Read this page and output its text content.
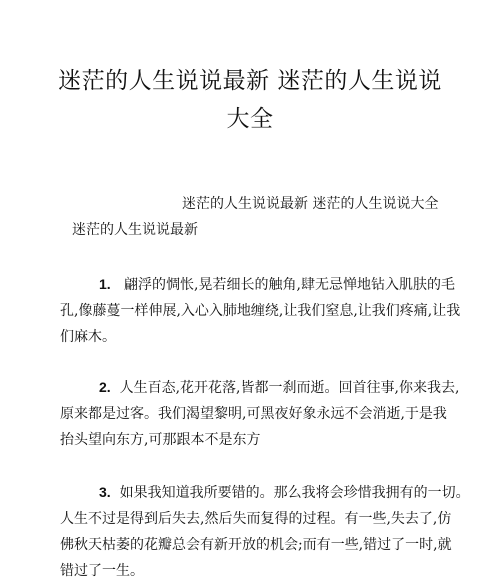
迷茫的人生说说最新 迷茫的人生说说
大全
迷茫的人生说说最新 迷茫的人生说说大全
迷茫的人生说说最新

1. 翩浮的惆怅,晃若细长的触角,肆无忌惮地钻入肌肤的毛
孔,像藤蔓一样伸展,入心入肺地缠绕,让我们窒息,让我们疼痛,让我
们麻木。

2. 人生百态,花开花落,皆都一刹而逝。回首往事,你来我去,
原来都是过客。我们渴望黎明,可黑夜好象永远不会消逝,于是我
抬头望向东方,可那跟本不是东方

3. 如果我知道我所要错的。那么我将会珍惜我拥有的一切。
人生不过是得到后失去,然后失而复得的过程。有一些,失去了,仿
佛秋天枯萎的花瓣总会有新开放的机会;而有一些,错过了一时,就
错过了一生。
